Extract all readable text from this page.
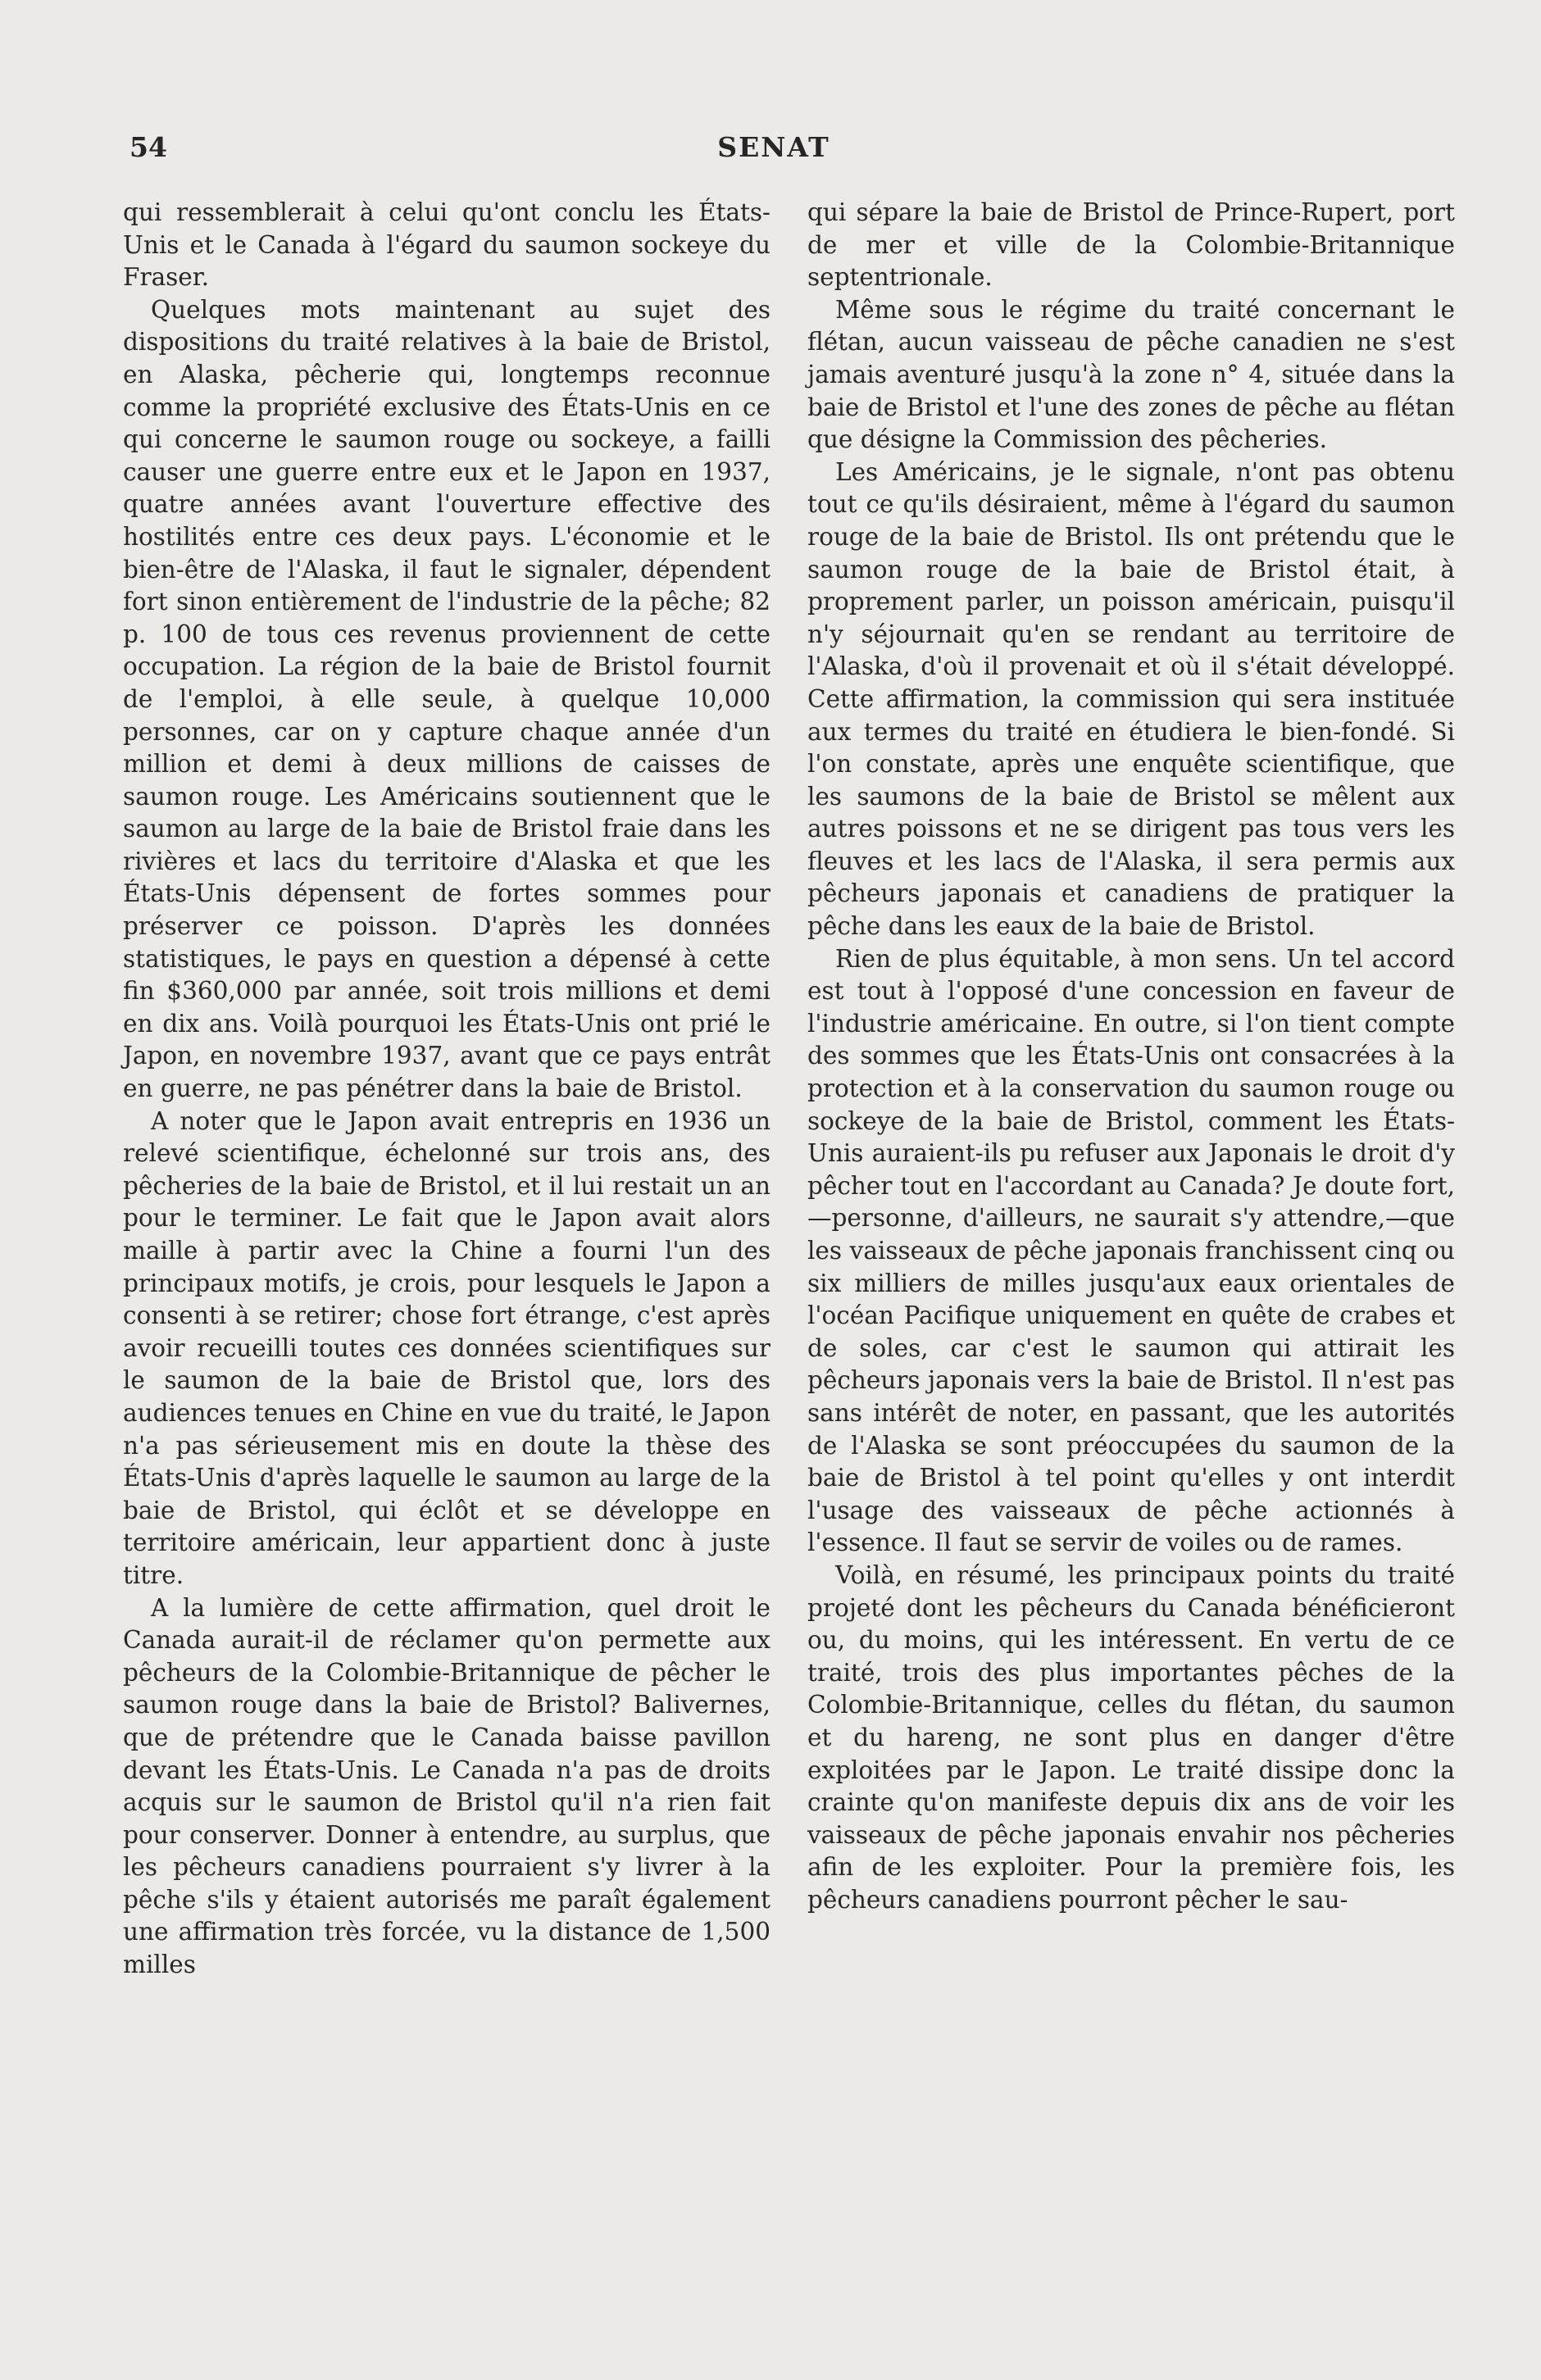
54	SENAT

qui ressemblerait à celui qu'ont conclu les États-Unis et le Canada à l'égard du saumon sockeye du Fraser.

Quelques mots maintenant au sujet des dispositions du traité relatives à la baie de Bristol, en Alaska, pêcherie qui, longtemps reconnue comme la propriété exclusive des États-Unis en ce qui concerne le saumon rouge ou sockeye, a failli causer une guerre entre eux et le Japon en 1937, quatre années avant l'ouverture effective des hostilités entre ces deux pays. L'économie et le bien-être de l'Alaska, il faut le signaler, dépendent fort sinon entièrement de l'industrie de la pêche; 82 p. 100 de tous ces revenus proviennent de cette occupation. La région de la baie de Bristol fournit de l'emploi, à elle seule, à quelque 10,000 personnes, car on y capture chaque année d'un million et demi à deux millions de caisses de saumon rouge. Les Américains soutiennent que le saumon au large de la baie de Bristol fraie dans les rivières et lacs du territoire d'Alaska et que les États-Unis dépensent de fortes sommes pour préserver ce poisson. D'après les données statistiques, le pays en question a dépensé à cette fin $360,000 par année, soit trois millions et demi en dix ans. Voilà pourquoi les États-Unis ont prié le Japon, en novembre 1937, avant que ce pays entrât en guerre, ne pas pénétrer dans la baie de Bristol.

A noter que le Japon avait entrepris en 1936 un relevé scientifique, échelonné sur trois ans, des pêcheries de la baie de Bristol, et il lui restait un an pour le terminer. Le fait que le Japon avait alors maille à partir avec la Chine a fourni l'un des principaux motifs, je crois, pour lesquels le Japon a consenti à se retirer; chose fort étrange, c'est après avoir recueilli toutes ces données scientifiques sur le saumon de la baie de Bristol que, lors des audiences tenues en Chine en vue du traité, le Japon n'a pas sérieusement mis en doute la thèse des États-Unis d'après laquelle le saumon au large de la baie de Bristol, qui éclôt et se développe en territoire américain, leur appartient donc à juste titre.

A la lumière de cette affirmation, quel droit le Canada aurait-il de réclamer qu'on permette aux pêcheurs de la Colombie-Britannique de pêcher le saumon rouge dans la baie de Bristol? Balivernes, que de prétendre que le Canada baisse pavillon devant les États-Unis. Le Canada n'a pas de droits acquis sur le saumon de Bristol qu'il n'a rien fait pour conserver. Donner à entendre, au surplus, que les pêcheurs canadiens pourraient s'y livrer à la pêche s'ils y étaient autorisés me paraît également une affirmation très forcée, vu la distance de 1,500 milles

qui sépare la baie de Bristol de Prince-Rupert, port de mer et ville de la Colombie-Britannique septentrionale.

Même sous le régime du traité concernant le flétan, aucun vaisseau de pêche canadien ne s'est jamais aventuré jusqu'à la zone n° 4, située dans la baie de Bristol et l'une des zones de pêche au flétan que désigne la Commission des pêcheries.

Les Américains, je le signale, n'ont pas obtenu tout ce qu'ils désiraient, même à l'égard du saumon rouge de la baie de Bristol. Ils ont prétendu que le saumon rouge de la baie de Bristol était, à proprement parler, un poisson américain, puisqu'il n'y séjournait qu'en se rendant au territoire de l'Alaska, d'où il provenait et où il s'était développé. Cette affirmation, la commission qui sera instituée aux termes du traité en étudiera le bien-fondé. Si l'on constate, après une enquête scientifique, que les saumons de la baie de Bristol se mêlent aux autres poissons et ne se dirigent pas tous vers les fleuves et les lacs de l'Alaska, il sera permis aux pêcheurs japonais et canadiens de pratiquer la pêche dans les eaux de la baie de Bristol.

Rien de plus équitable, à mon sens. Un tel accord est tout à l'opposé d'une concession en faveur de l'industrie américaine. En outre, si l'on tient compte des sommes que les États-Unis ont consacrées à la protection et à la conservation du saumon rouge ou sockeye de la baie de Bristol, comment les États-Unis auraient-ils pu refuser aux Japonais le droit d'y pêcher tout en l'accordant au Canada? Je doute fort,—personne, d'ailleurs, ne saurait s'y attendre,—que les vaisseaux de pêche japonais franchissent cinq ou six milliers de milles jusqu'aux eaux orientales de l'océan Pacifique uniquement en quête de crabes et de soles, car c'est le saumon qui attirait les pêcheurs japonais vers la baie de Bristol. Il n'est pas sans intérêt de noter, en passant, que les autorités de l'Alaska se sont préoccupées du saumon de la baie de Bristol à tel point qu'elles y ont interdit l'usage des vaisseaux de pêche actionnés à l'essence. Il faut se servir de voiles ou de rames.

Voilà, en résumé, les principaux points du traité projeté dont les pêcheurs du Canada bénéficieront ou, du moins, qui les intéressent. En vertu de ce traité, trois des plus importantes pêches de la Colombie-Britannique, celles du flétan, du saumon et du hareng, ne sont plus en danger d'être exploitées par le Japon. Le traité dissipe donc la crainte qu'on manifeste depuis dix ans de voir les vaisseaux de pêche japonais envahir nos pêcheries afin de les exploiter. Pour la première fois, les pêcheurs canadiens pourront pêcher le sau-
